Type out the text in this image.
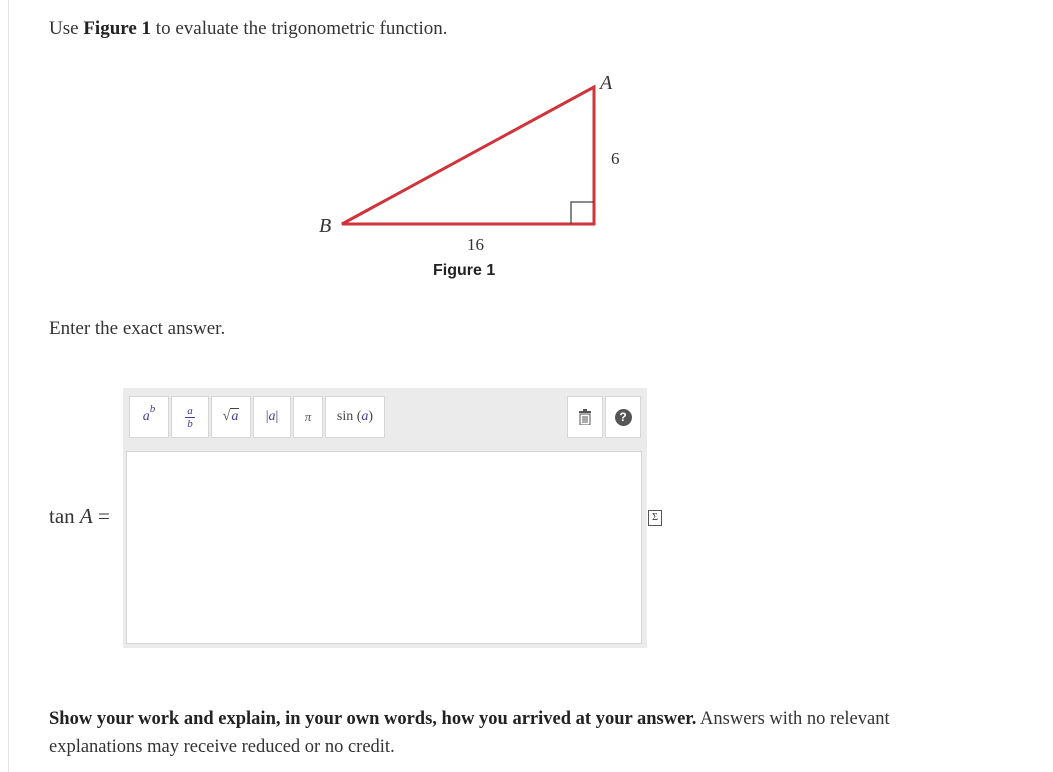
Use Figure 1 to evaluate the trigonometric function.
A
B
6
16
Figure 1
Enter the exact answer.
tan A =
$a^b$	a
b √a |a| π sin (a)	?
Σ
Show your work and explain, in your own words, how you arrived at your answer. Answers with no relevant explanations may receive reduced or no credit.
